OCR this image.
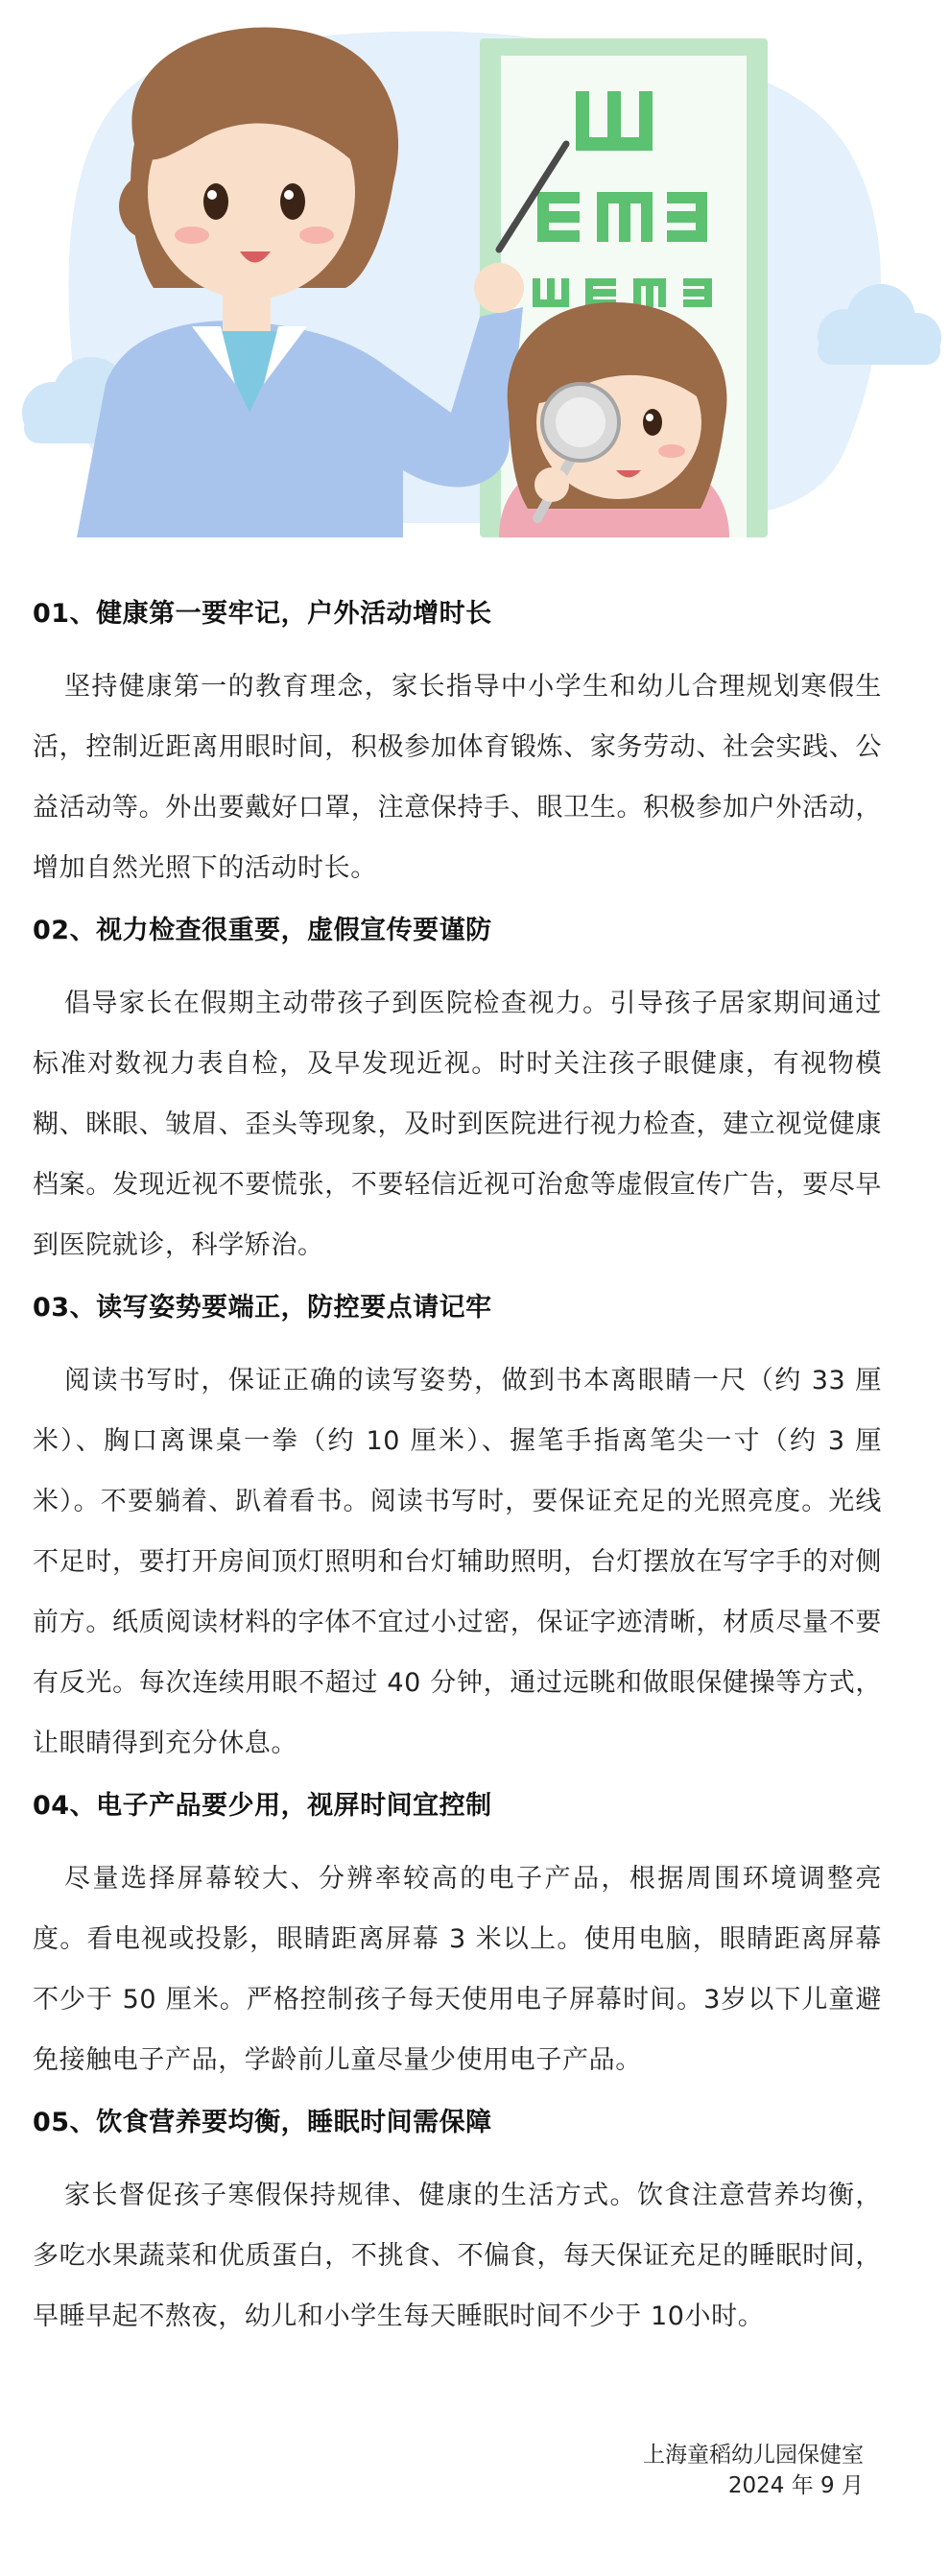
01、健康第一要牢记，户外活动增时长

坚持健康第一的教育理念，家长指导中小学生和幼儿合理规划寒假生活，控制近距离用眼时间，积极参加体育锻炼、家务劳动、社会实践、公益活动等。外出要戴好口罩，注意保持手、眼卫生。积极参加户外活动，增加自然光照下的活动时长。

02、视力检查很重要，虚假宣传要谨防

倡导家长在假期主动带孩子到医院检查视力。引导孩子居家期间通过标准对数视力表自检，及早发现近视。时时关注孩子眼健康，有视物模糊、眯眼、皱眉、歪头等现象，及时到医院进行视力检查，建立视觉健康档案。发现近视不要慌张，不要轻信近视可治愈等虚假宣传广告，要尽早到医院就诊，科学矫治。

03、读写姿势要端正，防控要点请记牢

阅读书写时，保证正确的读写姿势，做到书本离眼睛一尺（约 33 厘米）、胸口离课桌一拳（约 10 厘米）、握笔手指离笔尖一寸（约 3 厘米）。不要躺着、趴着看书。阅读书写时，要保证充足的光照亮度。光线不足时，要打开房间顶灯照明和台灯辅助照明，台灯摆放在写字手的对侧前方。纸质阅读材料的字体不宜过小过密，保证字迹清晰，材质尽量不要有反光。每次连续用眼不超过 40 分钟，通过远眺和做眼保健操等方式，让眼睛得到充分休息。

04、电子产品要少用，视屏时间宜控制

尽量选择屏幕较大、分辨率较高的电子产品，根据周围环境调整亮度。看电视或投影，眼睛距离屏幕 3 米以上。使用电脑，眼睛距离屏幕不少于 50 厘米。严格控制孩子每天使用电子屏幕时间。3岁以下儿童避免接触电子产品，学龄前儿童尽量少使用电子产品。

05、饮食营养要均衡，睡眠时间需保障

家长督促孩子寒假保持规律、健康的生活方式。饮食注意营养均衡，多吃水果蔬菜和优质蛋白，不挑食、不偏食，每天保证充足的睡眠时间，早睡早起不熬夜，幼儿和小学生每天睡眠时间不少于 10小时。

上海童稻幼儿园保健室
2024 年 9 月
